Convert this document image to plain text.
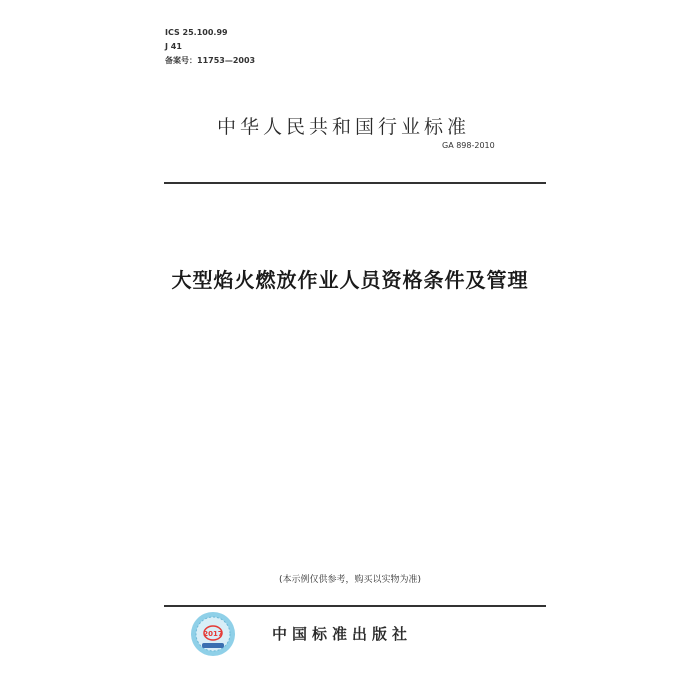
ICS 25.100.99
J 41
备案号：11753—2003
中华人民共和国行业标准
GA 898-2010
大型焰火燃放作业人员资格条件及管理
(本示例仅供参考，购买以实物为准)
2017	中国标准出版社
